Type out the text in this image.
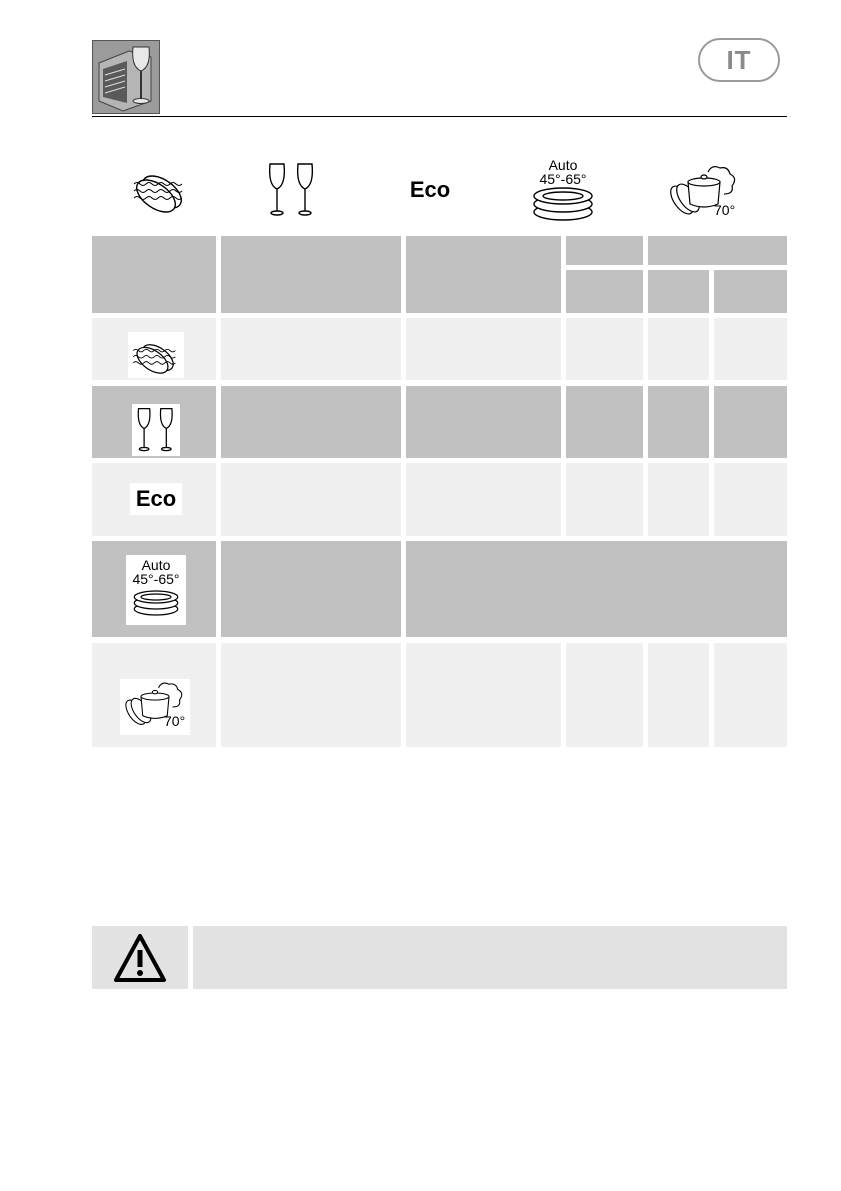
IT
Eco
Auto
45°-65°
70°
Eco
Auto
45°-65°
70°
